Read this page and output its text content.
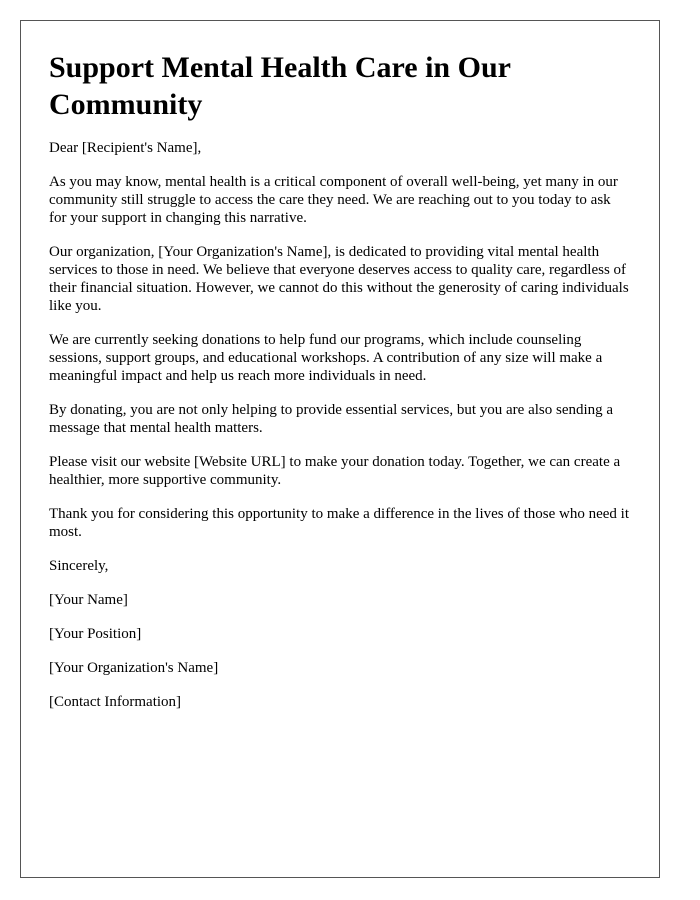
Support Mental Health Care in Our Community

Dear [Recipient's Name],

As you may know, mental health is a critical component of overall well-being, yet many in our community still struggle to access the care they need. We are reaching out to you today to ask for your support in changing this narrative.

Our organization, [Your Organization's Name], is dedicated to providing vital mental health services to those in need. We believe that everyone deserves access to quality care, regardless of their financial situation. However, we cannot do this without the generosity of caring individuals like you.

We are currently seeking donations to help fund our programs, which include counseling sessions, support groups, and educational workshops. A contribution of any size will make a meaningful impact and help us reach more individuals in need.

By donating, you are not only helping to provide essential services, but you are also sending a message that mental health matters.

Please visit our website [Website URL] to make your donation today. Together, we can create a healthier, more supportive community.

Thank you for considering this opportunity to make a difference in the lives of those who need it most.

Sincerely,

[Your Name]

[Your Position]

[Your Organization's Name]

[Contact Information]
